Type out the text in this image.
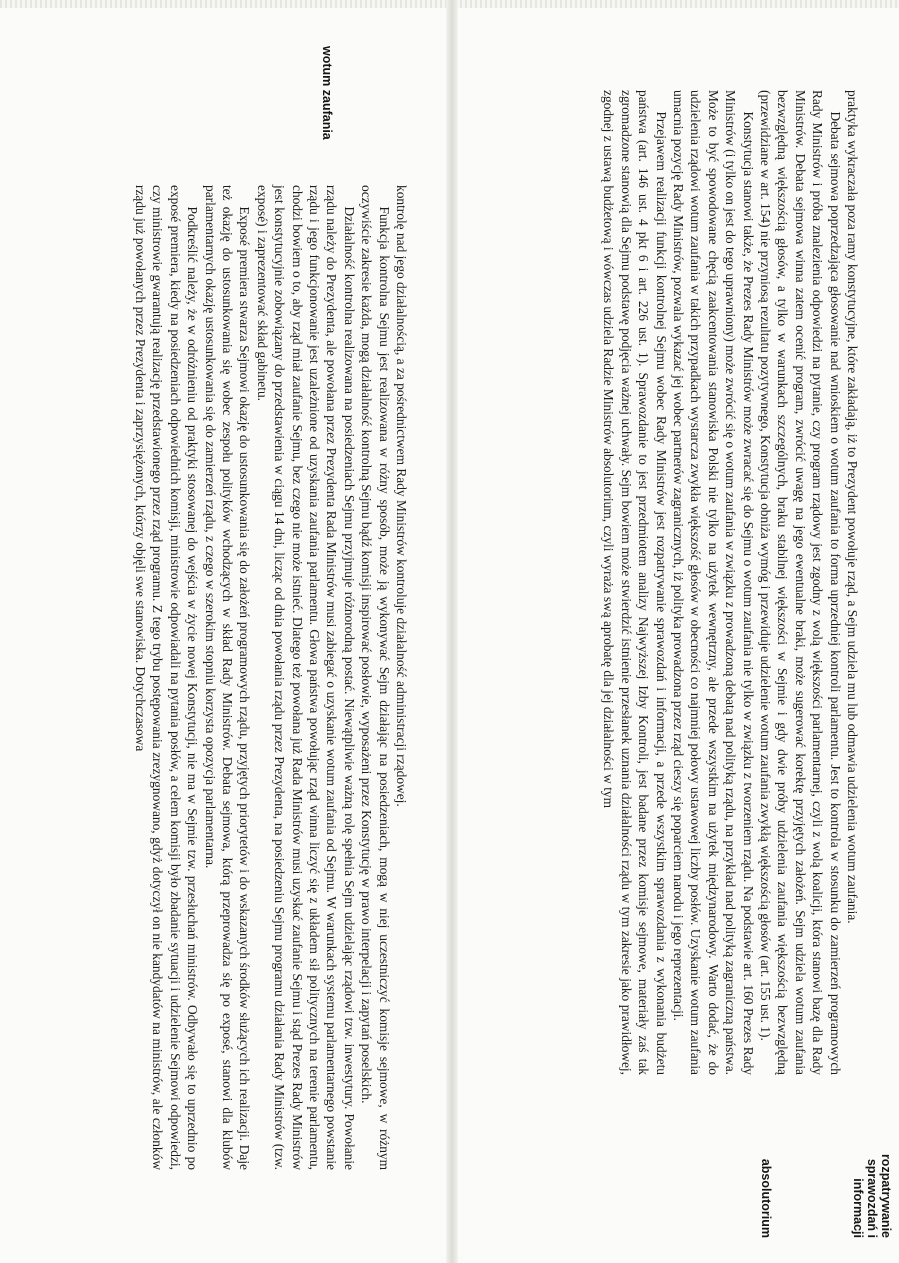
wotum zaufania

kontrolę nad jego działalnością, a za pośrednictwem Rady Ministrów kontroluje działalność administracji rządowej.

Funkcja kontrolna Sejmu jest realizowana w różny sposób, może ją wykonywać Sejm działając na posiedzeniach, mogą w niej uczestniczyć komisje sejmowe, w różnym oczywiście zakresie każda, mogą działalność kontrolną Sejmu bądź komisji inspirować posłowie, wyposażeni przez Konstytucję w prawo interpelacji i zapytań poselskich.

Działalność kontrolna realizowana na posiedzeniach Sejmu przyjmuje różnorodną postać. Niewątpliwie ważną rolę spełnia Sejm udzielając rządowi tzw. inwestytury. Powołanie rządu należy do Prezydenta, ale powołana przez Prezydenta Rada Ministrów musi zabiegać o uzyskanie wotum zaufania od Sejmu. W warunkach systemu parlamentarnego powstanie rządu i jego funkcjonowanie jest uzależnione od uzyskania zaufania parlamentu. Głowa państwa powołując rząd winna liczyć się z układem sił politycznych na terenie parlamentu, chodzi bowiem o to, aby rząd miał zaufanie Sejmu, bez czego nie może istnieć. Dlatego też powołana już Rada Ministrów musi uzyskać zaufanie Sejmu i stąd Prezes Rady Ministrów jest konstytucyjnie zobowiązany do przedstawienia w ciągu 14 dni, licząc od dnia powołania rządu przez Prezydenta, na posiedzeniu Sejmu programu działania Rady Ministrów (tzw. exposé) i zaprezentować skład gabinetu.

Exposé premiera stwarza Sejmowi okazję do ustosunkowania się do założeń programowych rządu, przyjętych priorytetów i do wskazanych środków służących ich realizacji. Daje też okazję do ustosunkowania się wobec zespołu polityków wchodzących w skład Rady Ministrów. Debata sejmowa, którą przeprowadza się po exposé, stanowi dla klubów parlamentarnych okazję ustosunkowania się do zamierzeń rządu, z czego w szerokim stopniu korzysta opozycja parlamentarna.

Podkreślić należy, że w odróżnieniu od praktyki stosowanej do wejścia w życie nowej Konstytucji, nie ma w Sejmie tzw. przesłuchań ministrów. Odbywało się to uprzednio po exposé premiera, kiedy na posiedzeniach odpowiednich komisji, ministrowie odpowiadali na pytania posłów, a celem komisji było zbadanie sytuacji i udzielenie Sejmowi odpowiedzi, czy ministrowie gwarantują realizację przedstawionego przez rząd programu. Z tego trybu postępowania zrezygnowano, gdyż dotyczył on nie kandydatów na ministrów, ale członków rządu już powołanych przez Prezydenta i zaprzysiężonych, którzy objęli swe stanowiska. Dotychczasowa	praktyka wykraczała poza ramy konstytucyjne, które zakładają, iż to Prezydent powołuje rząd, a Sejm udziela mu lub odmawia udzielenia wotum zaufania.

Debata sejmowa poprzedzająca głosowanie nad wnioskiem o wotum zaufania to forma uprzedniej kontroli parlamentu. Jest to kontrola w stosunku do zamierzeń programowych Rady Ministrów i próba znalezienia odpowiedzi na pytanie, czy program rządowy jest zgodny z wolą większości parlamentarnej, czyli z wolą koalicji, która stanowi bazę dla Rady Ministrów. Debata sejmowa winna zatem ocenić program, zwrócić uwagę na jego ewentualne braki, może sugerować korektę przyjętych założeń. Sejm udziela wotum zaufania bezwzględną większością głosów, a tylko w warunkach szczególnych, braku stabilnej większości w Sejmie i gdy dwie próby udzielenia zaufania większością bezwzględną (przewidziane w art. 154) nie przyniosą rezultatu pozytywnego, Konstytucja obniża wymóg i przewiduje udzielenie wotum zaufania zwykłą większością głosów (art. 155 ust. 1).

Konstytucja stanowi także, że Prezes Rady Ministrów może zwracać się do Sejmu o wotum zaufania nie tylko w związku z tworzeniem rządu. Na podstawie art. 160 Prezes Rady Ministrów (i tylko on jest do tego uprawniony) może zwrócić się o wotum zaufania w związku z prowadzoną debatą nad polityką rządu, na przykład nad polityką zagraniczną państwa. Może to być spowodowane chęcią zaakcentowania stanowiska Polski nie tylko na użytek wewnętrzny, ale przede wszystkim na użytek międzynarodowy. Warto dodać, że do udzielenia rządowi wotum zaufania w takich przypadkach wystarcza zwykła większość głosów w obecności co najmniej połowy ustawowej liczby posłów. Uzyskanie wotum zaufania umacnia pozycję Rady Ministrów, pozwala wykazać jej wobec partnerów zagranicznych, iż polityka prowadzona przez rząd cieszy się poparciem narodu i jego reprezentacji.

Przejawem realizacji funkcji kontrolnej Sejmu wobec Rady Ministrów jest rozpatrywanie sprawozdań i informacji, a przede wszystkim sprawozdania z wykonania budżetu państwa (art. 146 ust. 4 pkt 6 i art. 226 ust. 1). Sprawozdanie to jest przedmiotem analizy Najwyższej Izby Kontroli, jest badane przez komisje sejmowe, materiały zaś tak zgromadzone stanowią dla Sejmu podstawę podjęcia ważnej uchwały. Sejm bowiem może stwierdzić istnienie przesłanek uznania działalności rządu w tym zakresie jako prawidłowej, zgodnej z ustawą budżetową i wówczas udziela Radzie Ministrów absolutorium, czyli wyraża swą aprobatę dla jej działalności w tym

rozpatrywanie sprawozdań i informacji
absolutorium
